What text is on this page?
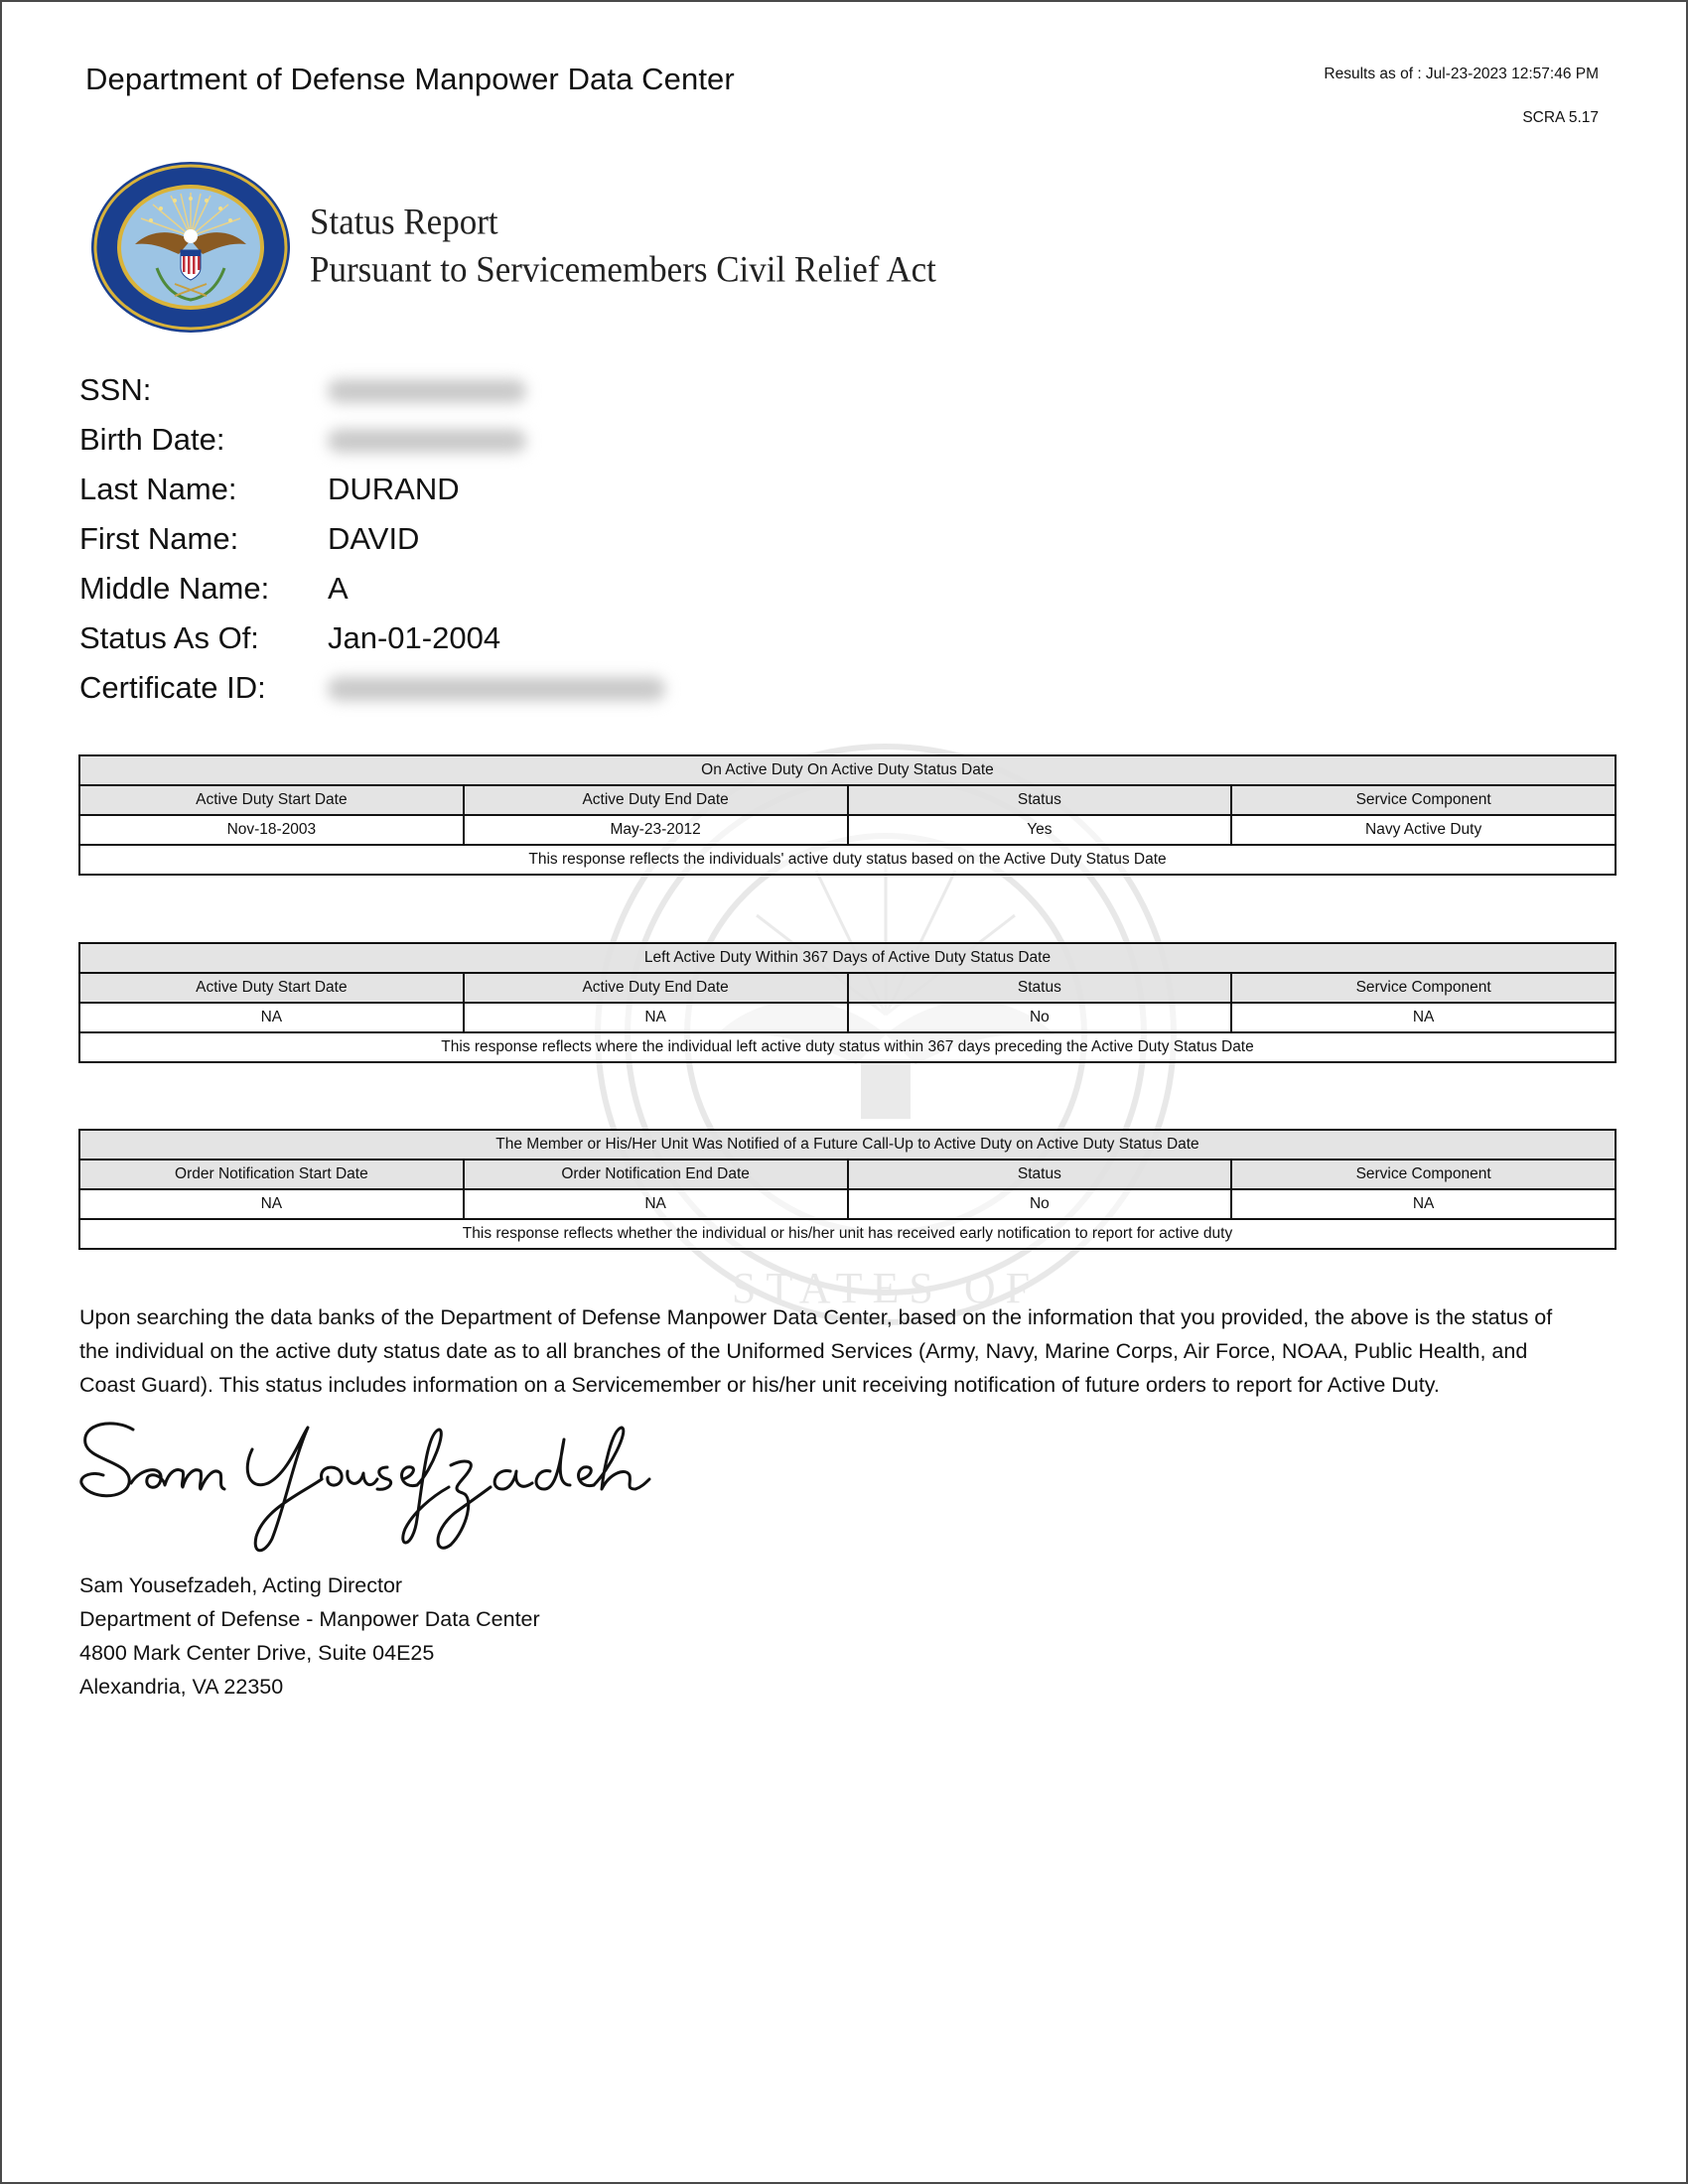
Department of Defense Manpower Data Center	Results as of : Jul-23-2023 12:57:46 PM
SCRA 5.17
Status Report
Pursuant to Servicemembers Civil Relief Act
SSN:
Birth Date:
Last Name:	DURAND
First Name:	DAVID
Middle Name:	A
Status As Of:	Jan-01-2004
Certificate ID:
STATES OF
On Active Duty On Active Duty Status Date			
Active Duty Start Date	Active Duty End Date	Status	Service Component
Nov-18-2003	May-23-2012	Yes	Navy Active Duty
This response reflects the individuals' active duty status based on the Active Duty Status Date			
Left Active Duty Within 367 Days of Active Duty Status Date			
Active Duty Start Date	Active Duty End Date	Status	Service Component
NA	NA	No	NA
This response reflects where the individual left active duty status within 367 days preceding the Active Duty Status Date			
The Member or His/Her Unit Was Notified of a Future Call-Up to Active Duty on Active Duty Status Date			
Order Notification Start Date	Order Notification End Date	Status	Service Component
NA	NA	No	NA
This response reflects whether the individual or his/her unit has received early notification to report for active duty			
Upon searching the data banks of the Department of Defense Manpower Data Center, based on the information that you provided, the above is the status of
the individual on the active duty status date as to all branches of the Uniformed Services (Army, Navy, Marine Corps, Air Force, NOAA, Public Health, and
Coast Guard). This status includes information on a Servicemember or his/her unit receiving notification of future orders to report for Active Duty.
Sam Yousefzadeh, Acting Director
Department of Defense - Manpower Data Center
4800 Mark Center Drive, Suite 04E25
Alexandria, VA 22350
